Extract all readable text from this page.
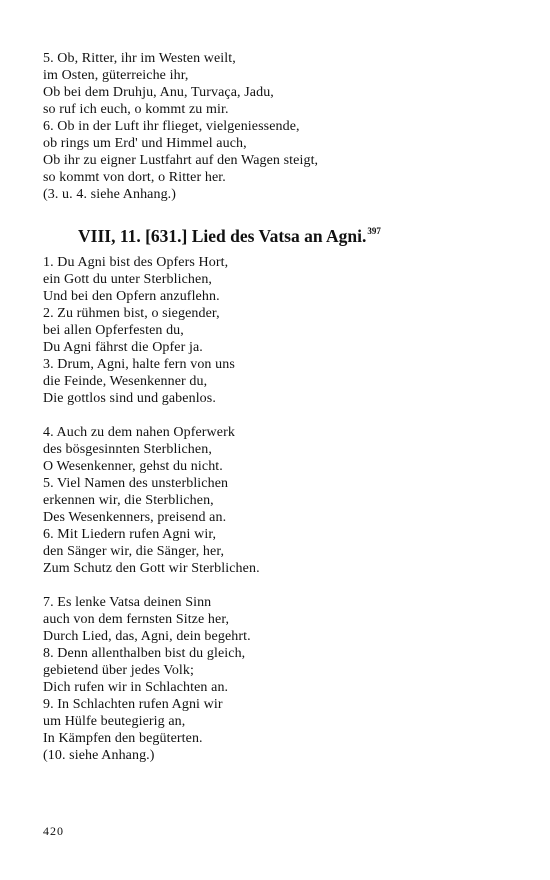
5. Ob, Ritter, ihr im Westen weilt,
im Osten, güterreiche ihr,
Ob bei dem Druhju, Anu, Turvaça, Jadu,
so ruf ich euch, o kommt zu mir.
6. Ob in der Luft ihr flieget, vielgeniessende,
ob rings um Erd' und Himmel auch,
Ob ihr zu eigner Lustfahrt auf den Wagen steigt,
so kommt von dort, o Ritter her.
(3. u. 4. siehe Anhang.)
VIII, 11. [631.] Lied des Vatsa an Agni.$^{397}$
1. Du Agni bist des Opfers Hort,
ein Gott du unter Sterblichen,
Und bei den Opfern anzuflehn.
2. Zu rühmen bist, o siegender,
bei allen Opferfesten du,
Du Agni fährst die Opfer ja.
3. Drum, Agni, halte fern von uns
die Feinde, Wesenkenner du,
Die gottlos sind und gabenlos.
4. Auch zu dem nahen Opferwerk
des bösgesinnten Sterblichen,
O Wesenkenner, gehst du nicht.
5. Viel Namen des unsterblichen
erkennen wir, die Sterblichen,
Des Wesenkenners, preisend an.
6. Mit Liedern rufen Agni wir,
den Sänger wir, die Sänger, her,
Zum Schutz den Gott wir Sterblichen.
7. Es lenke Vatsa deinen Sinn
auch von dem fernsten Sitze her,
Durch Lied, das, Agni, dein begehrt.
8. Denn allenthalben bist du gleich,
gebietend über jedes Volk;
Dich rufen wir in Schlachten an.
9. In Schlachten rufen Agni wir
um Hülfe beutegierig an,
In Kämpfen den begüterten.
(10. siehe Anhang.)
420
